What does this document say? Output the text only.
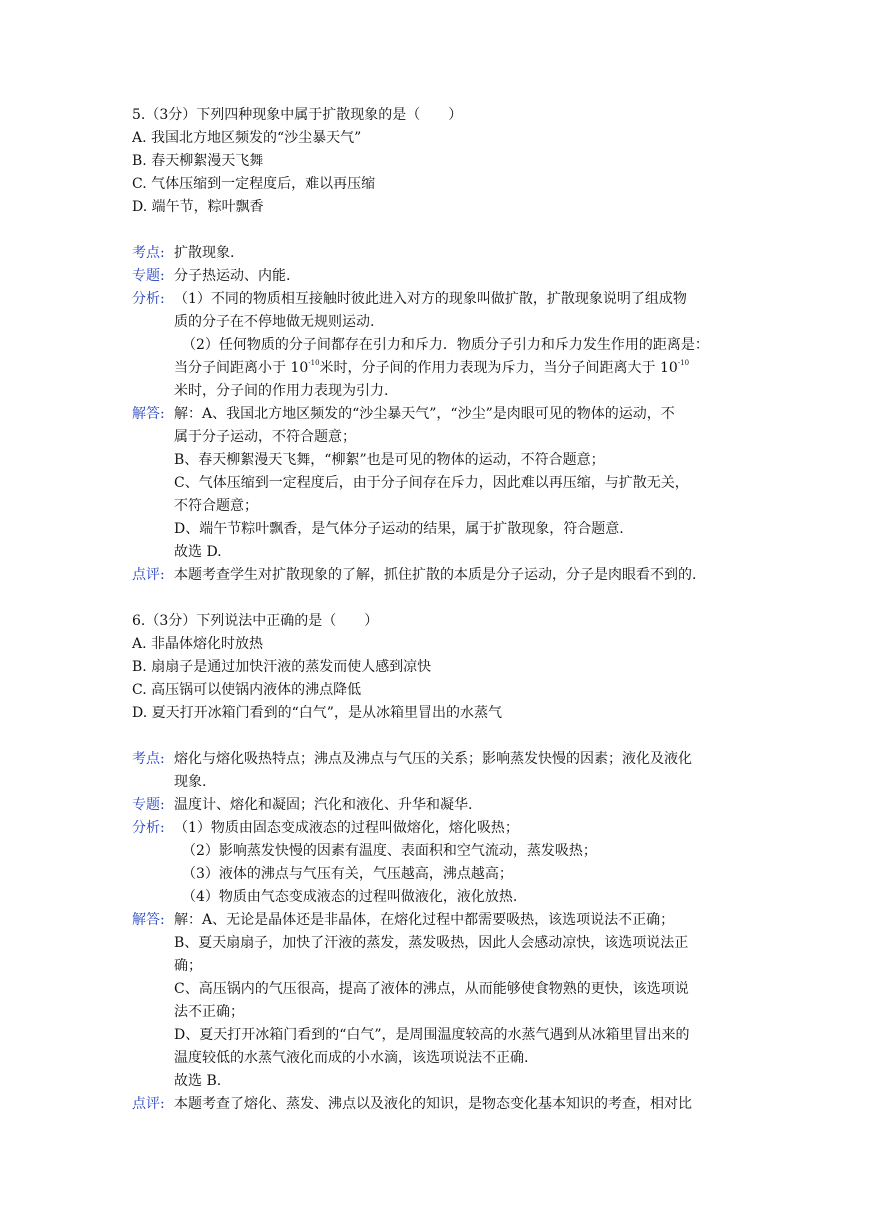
5.（3分）下列四种现象中属于扩散现象的是（　　）
A. 我国北方地区频发的“沙尘暴天气”
B. 春天柳絮漫天飞舞
C. 气体压缩到一定程度后，难以再压缩
D. 端午节，粽叶飘香
考点: 扩散现象.

专题: 分子热运动、内能.

分析: （1）不同的物质相互接触时彼此进入对方的现象叫做扩散，扩散现象说明了组成物

质的分子在不停地做无规则运动.

（2）任何物质的分子间都存在引力和斥力．物质分子引力和斥力发生作用的距离是：

当分子间距离小于 $10^{-10}$米时，分子间的作用力表现为斥力，当分子间距离大于 $10^{-10}$

米时，分子间的作用力表现为引力.

解答: 解：A、我国北方地区频发的“沙尘暴天气”，“沙尘”是肉眼可见的物体的运动，不

属于分子运动，不符合题意；

B、春天柳絮漫天飞舞，“柳絮”也是可见的物体的运动，不符合题意；

C、气体压缩到一定程度后，由于分子间存在斥力，因此难以再压缩，与扩散无关，

不符合题意；

D、端午节粽叶飘香，是气体分子运动的结果，属于扩散现象，符合题意.

故选 D.

点评: 本题考查学生对扩散现象的了解，抓住扩散的本质是分子运动，分子是肉眼看不到的.

6.（3分）下列说法中正确的是（　　）
A. 非晶体熔化时放热
B. 扇扇子是通过加快汗液的蒸发而使人感到凉快
C. 高压锅可以使锅内液体的沸点降低
D. 夏天打开冰箱门看到的“白气”，是从冰箱里冒出的水蒸气
考点: 熔化与熔化吸热特点；沸点及沸点与气压的关系；影响蒸发快慢的因素；液化及液化

现象.

专题: 温度计、熔化和凝固；汽化和液化、升华和凝华.

分析: （1）物质由固态变成液态的过程叫做熔化，熔化吸热；

（2）影响蒸发快慢的因素有温度、表面积和空气流动，蒸发吸热；

（3）液体的沸点与气压有关，气压越高，沸点越高；

（4）物质由气态变成液态的过程叫做液化，液化放热.

解答: 解：A、无论是晶体还是非晶体，在熔化过程中都需要吸热，该选项说法不正确；

B、夏天扇扇子，加快了汗液的蒸发，蒸发吸热，因此人会感动凉快，该选项说法正

确；

C、高压锅内的气压很高，提高了液体的沸点，从而能够使食物熟的更快，该选项说

法不正确；

D、夏天打开冰箱门看到的“白气”，是周围温度较高的水蒸气遇到从冰箱里冒出来的

温度较低的水蒸气液化而成的小水滴，该选项说法不正确.

故选 B.

点评: 本题考查了熔化、蒸发、沸点以及液化的知识，是物态变化基本知识的考查，相对比
